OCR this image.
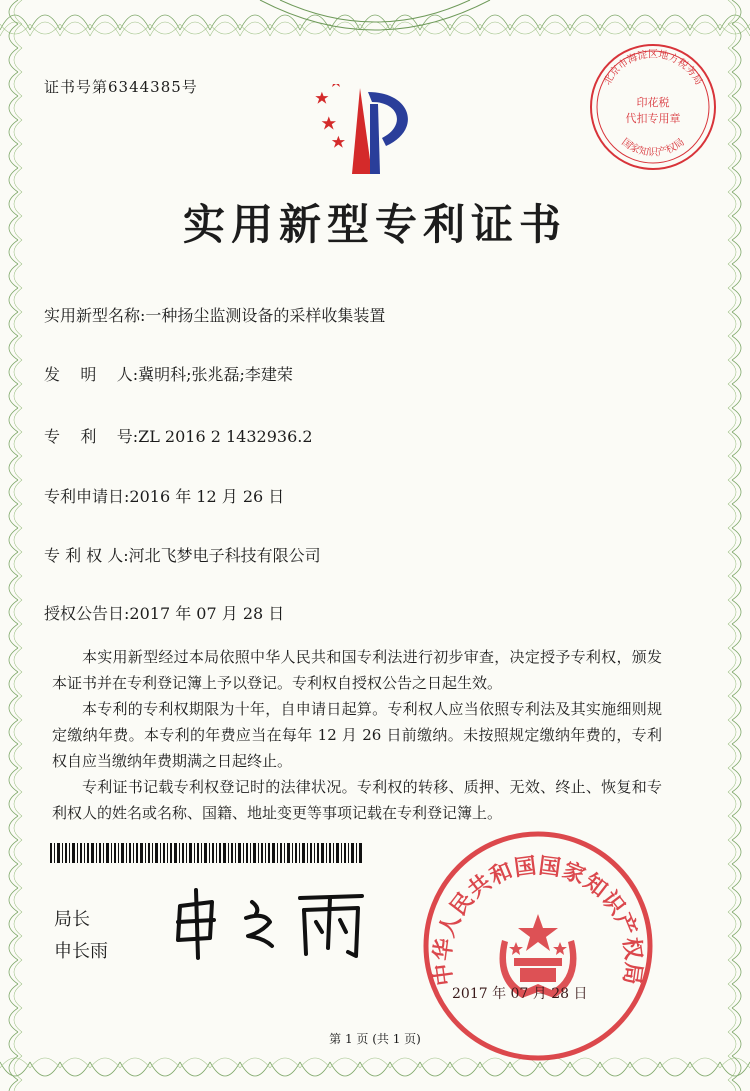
证书号第6344385号
实用新型专利证书
实用新型名称:一种扬尘监测设备的采样收集装置
发    明    人:冀明科;张兆磊;李建荣
专    利    号:ZL 2016 2 1432936.2
专利申请日:2016 年 12 月 26 日
专 利 权 人:河北飞梦电子科技有限公司
授权公告日:2017 年 07 月 28 日

本实用新型经过本局依照中华人民共和国专利法进行初步审查，决定授予专利权，颁发本证书并在专利登记簿上予以登记。专利权自授权公告之日起生效。

本专利的专利权期限为十年，自申请日起算。专利权人应当依照专利法及其实施细则规定缴纳年费。本专利的年费应当在每年 12 月 26 日前缴纳。未按照规定缴纳年费的，专利权自应当缴纳年费期满之日起终止。

专利证书记载专利权登记时的法律状况。专利权的转移、质押、无效、终止、恢复和专利权人的姓名或名称、国籍、地址变更等事项记载在专利登记簿上。

局长
申长雨
中华人民共和国国家知识产权局
2017 年 07 月 28 日
北京市海淀区地方税务局
国家知识产权局
印花税
代扣专用章
第 1 页 (共 1 页)
